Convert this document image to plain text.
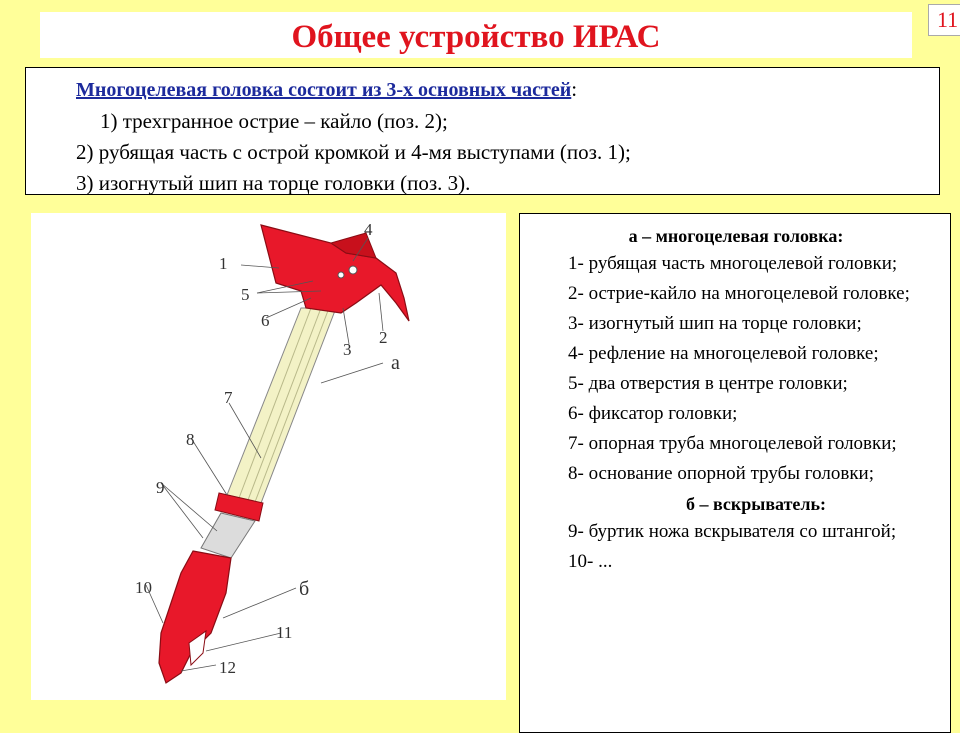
Общее устройство ИРАС	11
Многоцелевая головка состоит из 3-х основных частей:
1) трехгранное острие – кайло (поз. 2);
2) рубящая часть с острой кромкой и 4-мя выступами (поз. 1);
3) изогнутый шип на торце головки (поз. 3).
1
2
3
4
5
6
7
8
9
10
11
12
а
б
а – многоцелевая головка:
1- рубящая часть многоцелевой головки;
2- острие-кайло на многоцелевой головке;
3- изогнутый шип на торце головки;
4- рефление на многоцелевой головке;
5- два отверстия в центре головки;
6- фиксатор головки;
7- опорная труба многоцелевой головки;
8- основание опорной трубы головки;
б – вскрыватель:
9- буртик ножа вскрывателя со штангой;
10- ...
